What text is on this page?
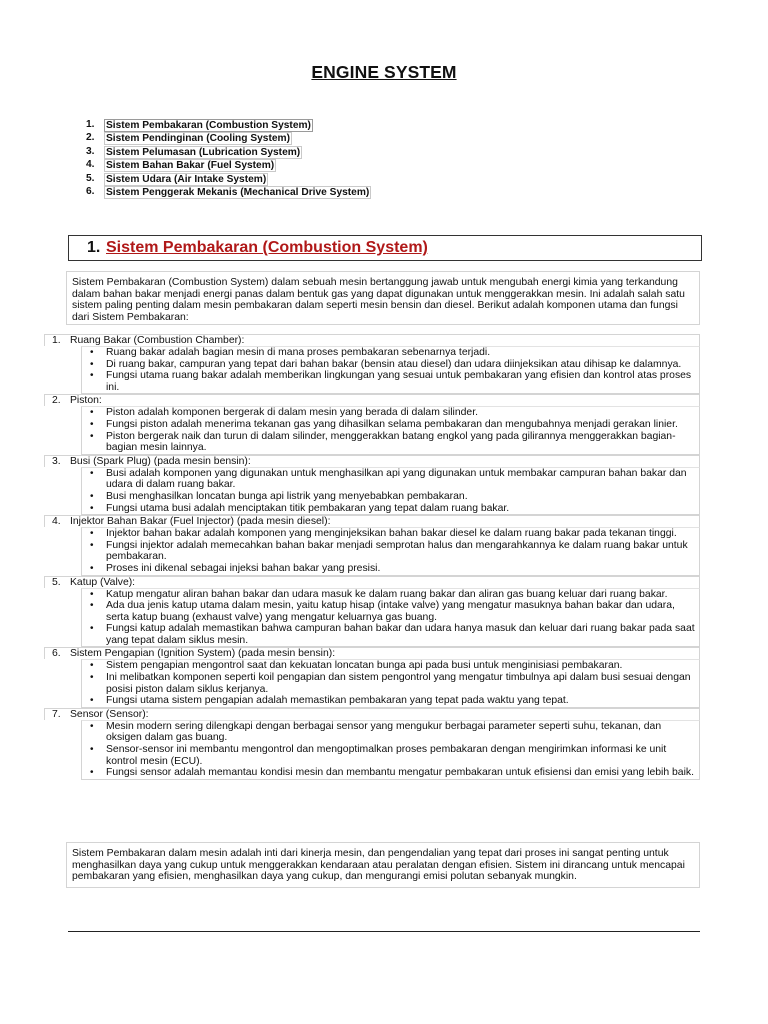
ENGINE SYSTEM
1. Sistem Pembakaran (Combustion System)
2. Sistem Pendinginan (Cooling System)
3. Sistem Pelumasan (Lubrication System)
4. Sistem Bahan Bakar (Fuel System)
5. Sistem Udara (Air Intake System)
6. Sistem Penggerak Mekanis (Mechanical Drive System)
1. Sistem Pembakaran (Combustion System)
Sistem Pembakaran (Combustion System) dalam sebuah mesin bertanggung jawab untuk mengubah energi kimia yang terkandung dalam bahan bakar menjadi energi panas dalam bentuk gas yang dapat digunakan untuk menggerakkan mesin. Ini adalah salah satu sistem paling penting dalam mesin pembakaran dalam seperti mesin bensin dan diesel. Berikut adalah komponen utama dan fungsi dari Sistem Pembakaran:
1. Ruang Bakar (Combustion Chamber):
• Ruang bakar adalah bagian mesin di mana proses pembakaran sebenarnya terjadi.
• Di ruang bakar, campuran yang tepat dari bahan bakar (bensin atau diesel) dan udara diinjeksikan atau dihisap ke dalamnya.
• Fungsi utama ruang bakar adalah memberikan lingkungan yang sesuai untuk pembakaran yang efisien dan kontrol atas proses ini.
2. Piston:
• Piston adalah komponen bergerak di dalam mesin yang berada di dalam silinder.
• Fungsi piston adalah menerima tekanan gas yang dihasilkan selama pembakaran dan mengubahnya menjadi gerakan linier.
• Piston bergerak naik dan turun di dalam silinder, menggerakkan batang engkol yang pada gilirannya menggerakkan bagian-bagian mesin lainnya.
3. Busi (Spark Plug) (pada mesin bensin):
• Busi adalah komponen yang digunakan untuk menghasilkan api yang digunakan untuk membakar campuran bahan bakar dan udara di dalam ruang bakar.
• Busi menghasilkan loncatan bunga api listrik yang menyebabkan pembakaran.
• Fungsi utama busi adalah menciptakan titik pembakaran yang tepat dalam ruang bakar.
4. Injektor Bahan Bakar (Fuel Injector) (pada mesin diesel):
• Injektor bahan bakar adalah komponen yang menginjeksikan bahan bakar diesel ke dalam ruang bakar pada tekanan tinggi.
• Fungsi injektor adalah memecahkan bahan bakar menjadi semprotan halus dan mengarahkannya ke dalam ruang bakar untuk pembakaran.
• Proses ini dikenal sebagai injeksi bahan bakar yang presisi.
5. Katup (Valve):
• Katup mengatur aliran bahan bakar dan udara masuk ke dalam ruang bakar dan aliran gas buang keluar dari ruang bakar.
• Ada dua jenis katup utama dalam mesin, yaitu katup hisap (intake valve) yang mengatur masuknya bahan bakar dan udara, serta katup buang (exhaust valve) yang mengatur keluarnya gas buang.
• Fungsi katup adalah memastikan bahwa campuran bahan bakar dan udara hanya masuk dan keluar dari ruang bakar pada saat yang tepat dalam siklus mesin.
6. Sistem Pengapian (Ignition System) (pada mesin bensin):
• Sistem pengapian mengontrol saat dan kekuatan loncatan bunga api pada busi untuk menginisiasi pembakaran.
• Ini melibatkan komponen seperti koil pengapian dan sistem pengontrol yang mengatur timbulnya api dalam busi sesuai dengan posisi piston dalam siklus kerjanya.
• Fungsi utama sistem pengapian adalah memastikan pembakaran yang tepat pada waktu yang tepat.
7. Sensor (Sensor):
• Mesin modern sering dilengkapi dengan berbagai sensor yang mengukur berbagai parameter seperti suhu, tekanan, dan oksigen dalam gas buang.
• Sensor-sensor ini membantu mengontrol dan mengoptimalkan proses pembakaran dengan mengirimkan informasi ke unit kontrol mesin (ECU).
• Fungsi sensor adalah memantau kondisi mesin dan membantu mengatur pembakaran untuk efisiensi dan emisi yang lebih baik.
Sistem Pembakaran dalam mesin adalah inti dari kinerja mesin, dan pengendalian yang tepat dari proses ini sangat penting untuk menghasilkan daya yang cukup untuk menggerakkan kendaraan atau peralatan dengan efisien. Sistem ini dirancang untuk mencapai pembakaran yang efisien, menghasilkan daya yang cukup, dan mengurangi emisi polutan sebanyak mungkin.
